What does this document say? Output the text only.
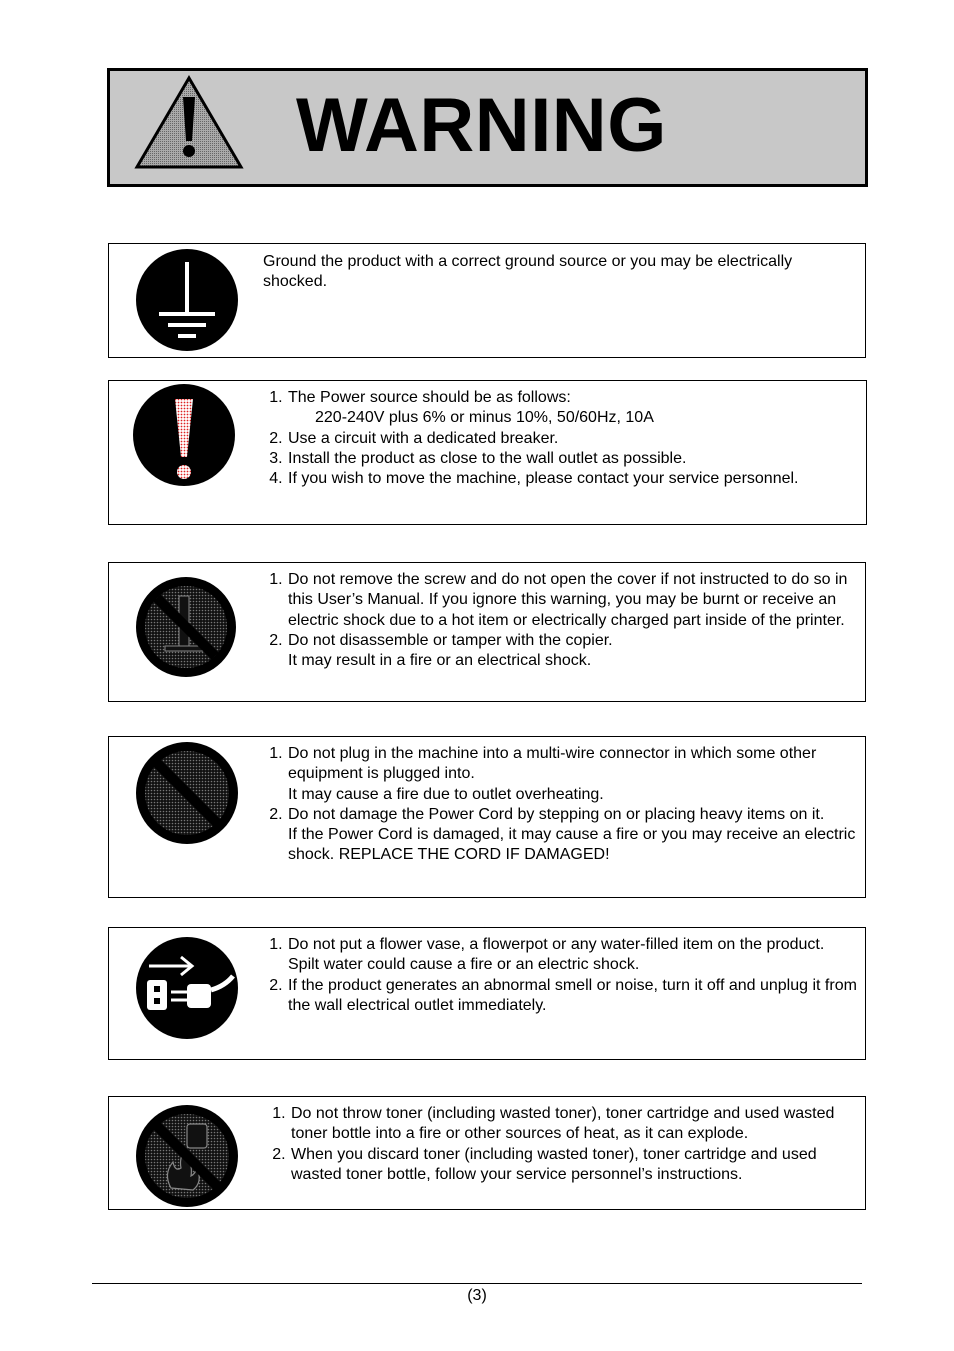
WARNING
Ground the product with a correct ground source or you may be electrically shocked.
1. The Power source should be as follows:
220-240V plus 6% or minus 10%, 50/60Hz, 10A
2. Use a circuit with a dedicated breaker.
3. Install the product as close to the wall outlet as possible.
4. If you wish to move the machine, please contact your service personnel.
1. Do not remove the screw and do not open the cover if not instructed to do so in this User’s Manual. If you ignore this warning, you may be burnt or receive an electric shock due to a hot item or electrically charged part inside of the printer.
2. Do not disassemble or tamper with the copier.
It may result in a fire or an electrical shock.
1. Do not plug in the machine into a multi-wire connector in which some other equipment is plugged into.
It may cause a fire due to outlet overheating.
2. Do not damage the Power Cord by stepping on or placing heavy items on it.
If the Power Cord is damaged, it may cause a fire or you may receive an electric shock. REPLACE THE CORD IF DAMAGED!
1. Do not put a flower vase, a flowerpot or any water-filled item on the product.
Spilt water could cause a fire or an electric shock.
2. If the product generates an abnormal smell or noise, turn it off and unplug it from the wall electrical outlet immediately.
1. Do not throw toner (including wasted toner), toner cartridge and used wasted toner bottle into a fire or other sources of heat, as it can explode.
2. When you discard toner (including wasted toner), toner cartridge and used wasted toner bottle, follow your service personnel’s instructions.
(3)
